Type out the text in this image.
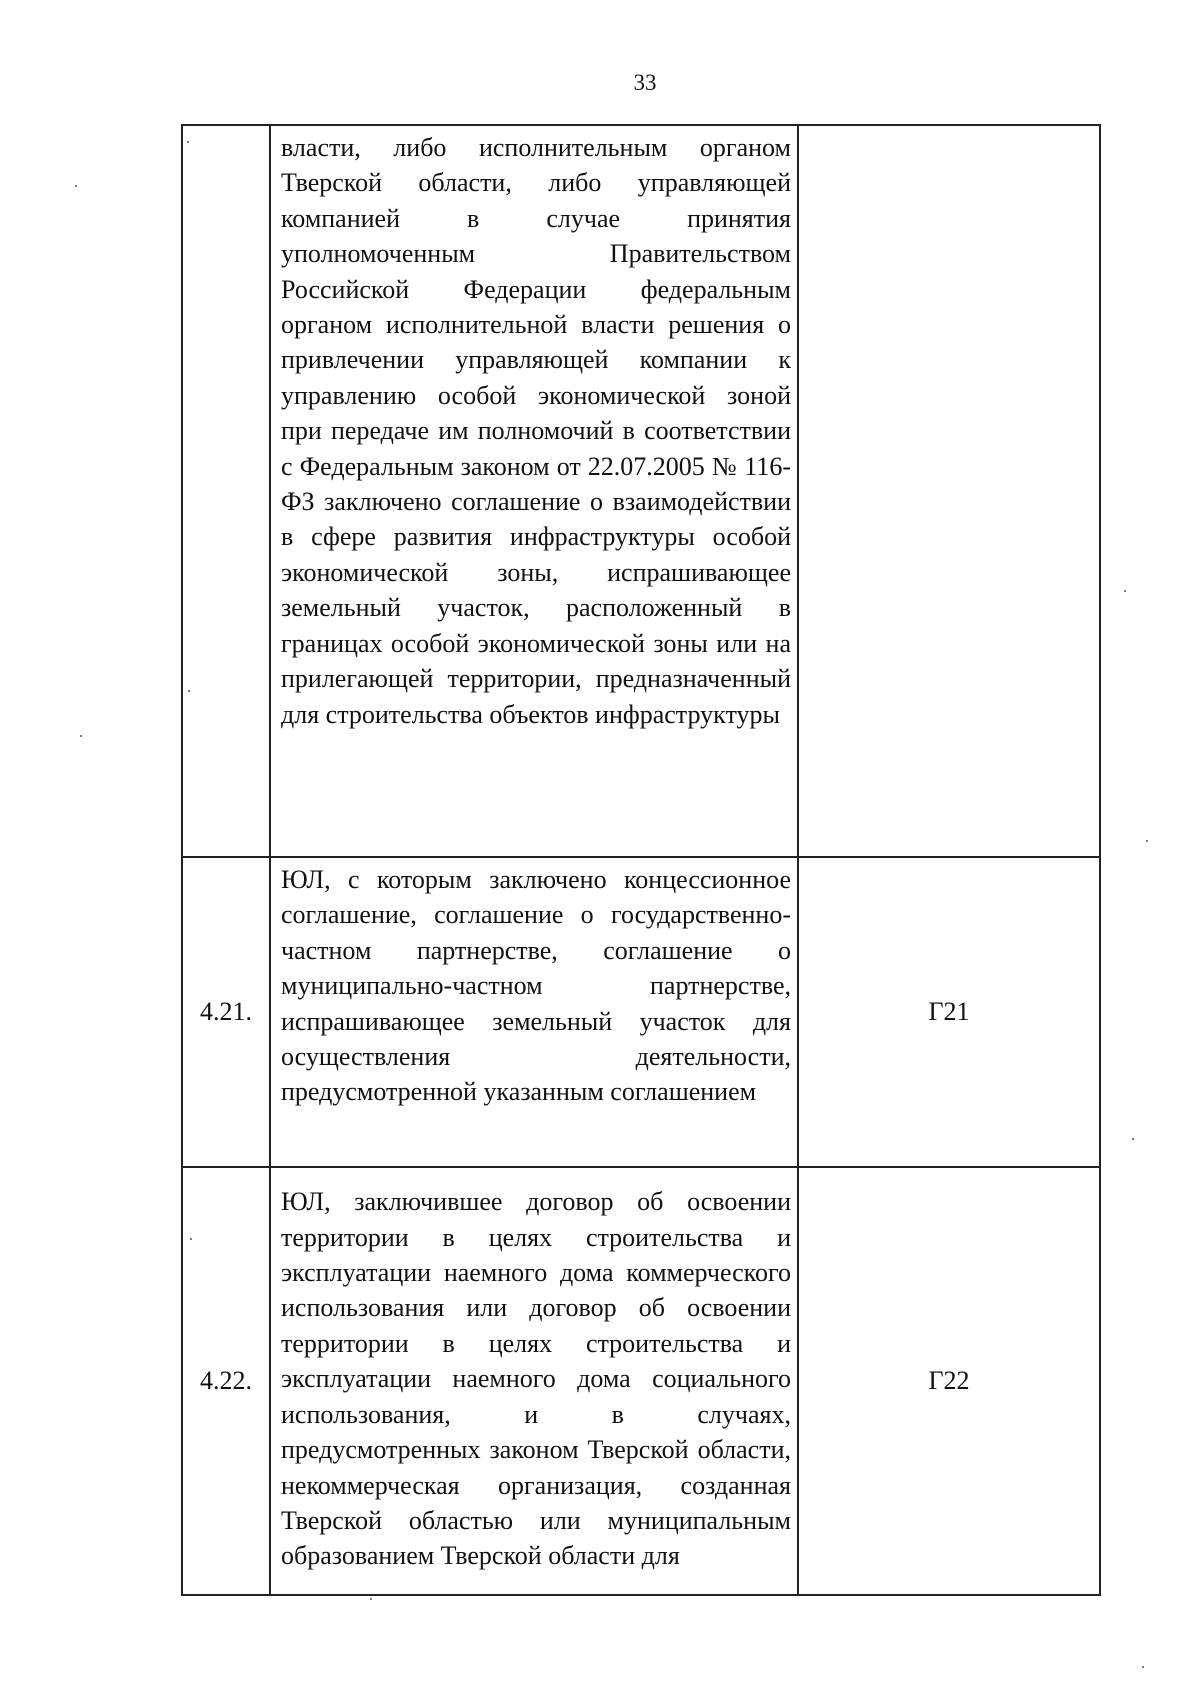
33

	власти, либо исполнительным органом Тверской области, либо управляющей компанией в случае принятия уполномоченным Правительством Российской Федерации федеральным органом исполнительной власти решения о привлечении управляющей компании к управлению особой экономической зоной при передаче им полномочий в соответствии с Федеральным законом от 22.07.2005 № 116-ФЗ заключено соглашение о взаимодействии в сфере развития инфраструктуры особой экономической зоны, испрашивающее земельный участок, расположенный в границах особой экономической зоны или на прилегающей территории, предназначенный для строительства объектов инфраструктуры	

4.21.	ЮЛ, с которым заключено концессионное соглашение, соглашение о государственно-частном партнерстве, соглашение о муниципально-частном партнерстве, испрашивающее земельный участок для осуществления деятельности, предусмотренной указанным соглашением	Г21
4.22.	ЮЛ, заключившее договор об освоении территории в целях строительства и эксплуатации наемного дома коммерческого использования или договор об освоении территории в целях строительства и эксплуатации наемного дома социального использования, и в случаях, предусмотренных законом Тверской области, некоммерческая организация, созданная Тверской областью или муниципальным образованием Тверской области для	Г22
